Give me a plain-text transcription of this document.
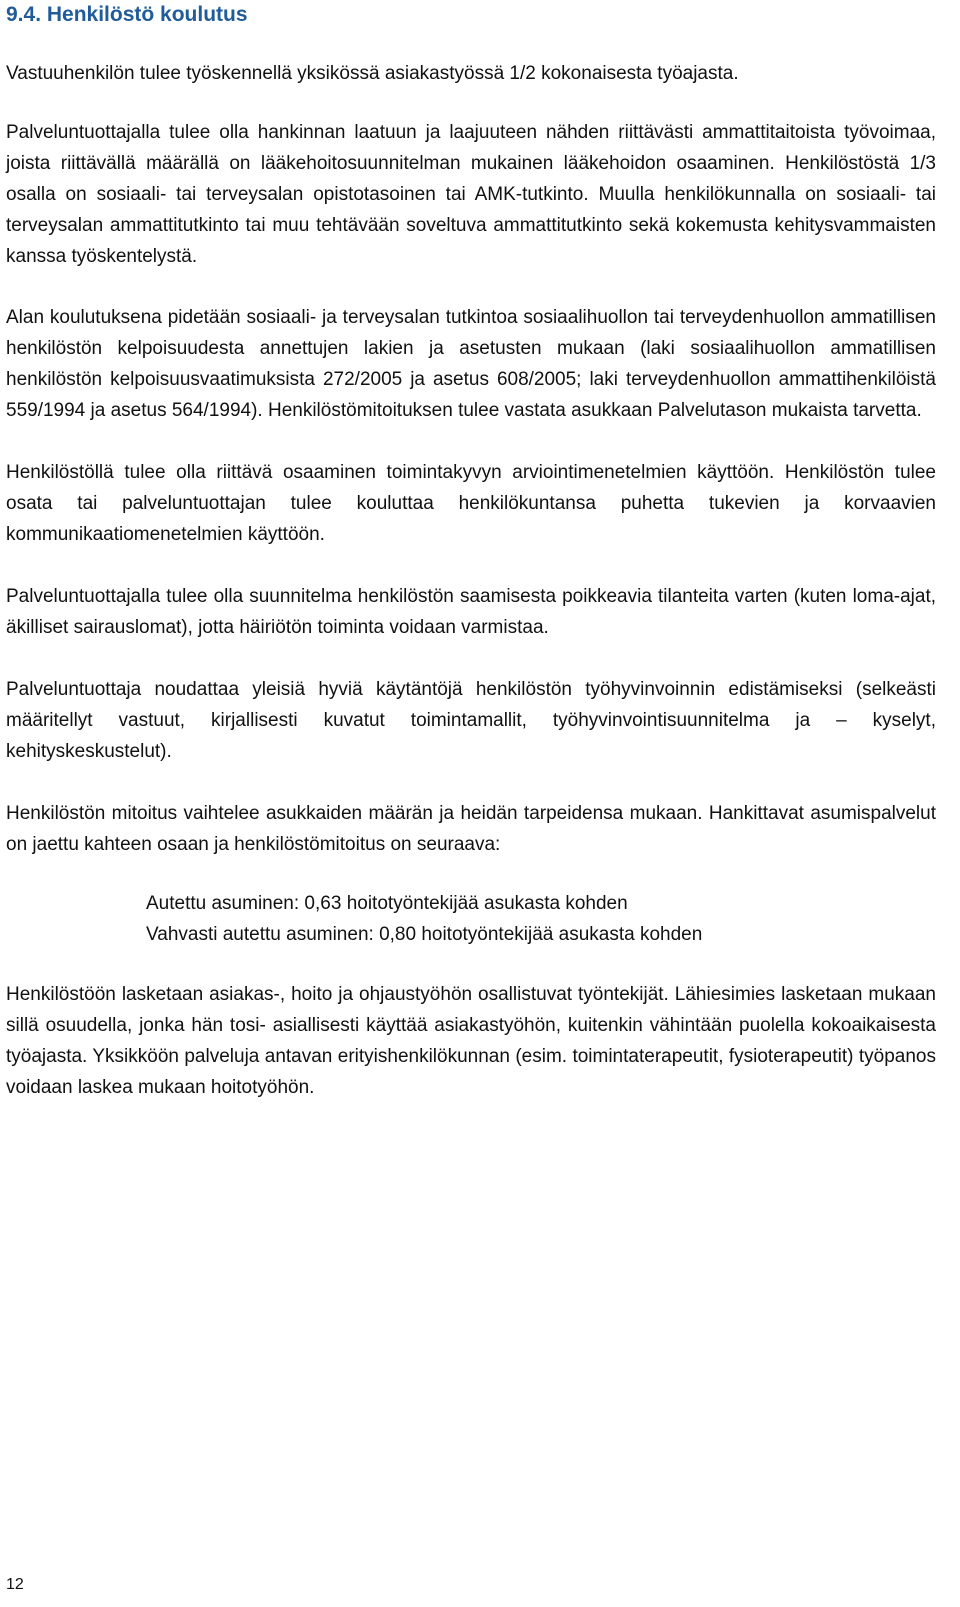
9.4. Henkilöstö koulutus

Vastuuhenkilön tulee työskennellä yksikössä asiakastyössä 1/2 kokonaisesta työajasta.

Palveluntuottajalla tulee olla hankinnan laatuun ja laajuuteen nähden riittävästi ammattitaitoista työvoimaa, joista riittävällä määrällä on lääkehoitosuunnitelman mukainen lääkehoidon osaaminen. Henkilöstöstä 1/3 osalla on sosiaali- tai terveysalan opistotasoinen tai AMK-tutkinto. Muulla henkilökunnalla on sosiaali- tai terveysalan ammattitutkinto tai muu tehtävään soveltuva ammattitutkinto sekä kokemusta kehitysvammaisten kanssa työskentelystä.

Alan koulutuksena pidetään sosiaali- ja terveysalan tutkintoa sosiaalihuollon tai terveydenhuollon ammatillisen henkilöstön kelpoisuudesta annettujen lakien ja asetusten mukaan (laki sosiaalihuollon ammatillisen henkilöstön kelpoisuusvaatimuksista 272/2005 ja asetus 608/2005; laki terveydenhuollon ammattihenkilöistä 559/1994 ja asetus 564/1994). Henkilöstömitoituksen tulee vastata asukkaan Palvelutason mukaista tarvetta.

Henkilöstöllä tulee olla riittävä osaaminen toimintakyvyn arviointimenetelmien käyttöön. Henkilöstön tulee osata tai palveluntuottajan tulee kouluttaa henkilökuntansa puhetta tukevien ja korvaavien kommunikaatiomenetelmien käyttöön.

Palveluntuottajalla tulee olla suunnitelma henkilöstön saamisesta poikkeavia tilanteita varten (kuten loma-ajat, äkilliset sairauslomat), jotta häiriötön toiminta voidaan varmistaa.

Palveluntuottaja noudattaa yleisiä hyviä käytäntöjä henkilöstön työhyvinvoinnin edistämiseksi (selkeästi määritellyt vastuut, kirjallisesti kuvatut toimintamallit, työhyvinvointisuunnitelma ja – kyselyt, kehityskeskustelut).

Henkilöstön mitoitus vaihtelee asukkaiden määrän ja heidän tarpeidensa mukaan. Hankittavat asumispalvelut on jaettu kahteen osaan ja henkilöstömitoitus on seuraava:

Autettu asuminen: 0,63 hoitotyöntekijää asukasta kohden
Vahvasti autettu asuminen: 0,80 hoitotyöntekijää asukasta kohden

Henkilöstöön lasketaan asiakas-, hoito ja ohjaustyöhön osallistuvat työntekijät. Lähiesimies lasketaan mukaan sillä osuudella, jonka hän tosi- asiallisesti käyttää asiakastyöhön, kuitenkin vähintään puolella kokoaikaisesta työajasta. Yksikköön palveluja antavan erityishenkilökunnan (esim. toimintaterapeutit, fysioterapeutit) työpanos voidaan laskea mukaan hoitotyöhön.

12
